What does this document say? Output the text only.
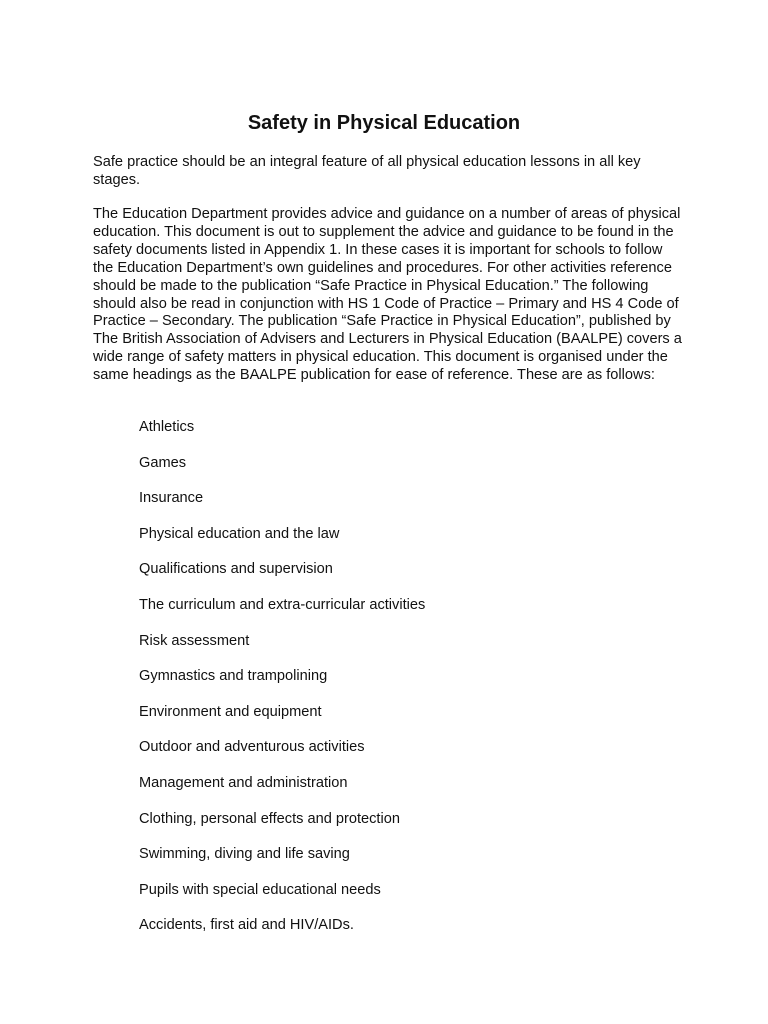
Safety in Physical Education

Safe practice should be an integral feature of all physical education lessons in all key stages.

The Education Department provides advice and guidance on a number of areas of physical education. This document is out to supplement the advice and guidance to be found in the safety documents listed in Appendix 1. In these cases it is important for schools to follow the Education Department’s own guidelines and procedures. For other activities reference should be made to the publication “Safe Practice in Physical Education.” The following should also be read in conjunction with HS 1 Code of Practice – Primary and HS 4 Code of Practice – Secondary. The publication “Safe Practice in Physical Education”, published by The British Association of Advisers and Lecturers in Physical Education (BAALPE) covers a wide range of safety matters in physical education. This document is organised under the same headings as the BAALPE publication for ease of reference. These are as follows:

Athletics
Games
Insurance
Physical education and the law
Qualifications and supervision
The curriculum and extra-curricular activities
Risk assessment
Gymnastics and trampolining
Environment and equipment
Outdoor and adventurous activities
Management and administration
Clothing, personal effects and protection
Swimming, diving and life saving
Pupils with special educational needs
Accidents, first aid and HIV/AIDs.
